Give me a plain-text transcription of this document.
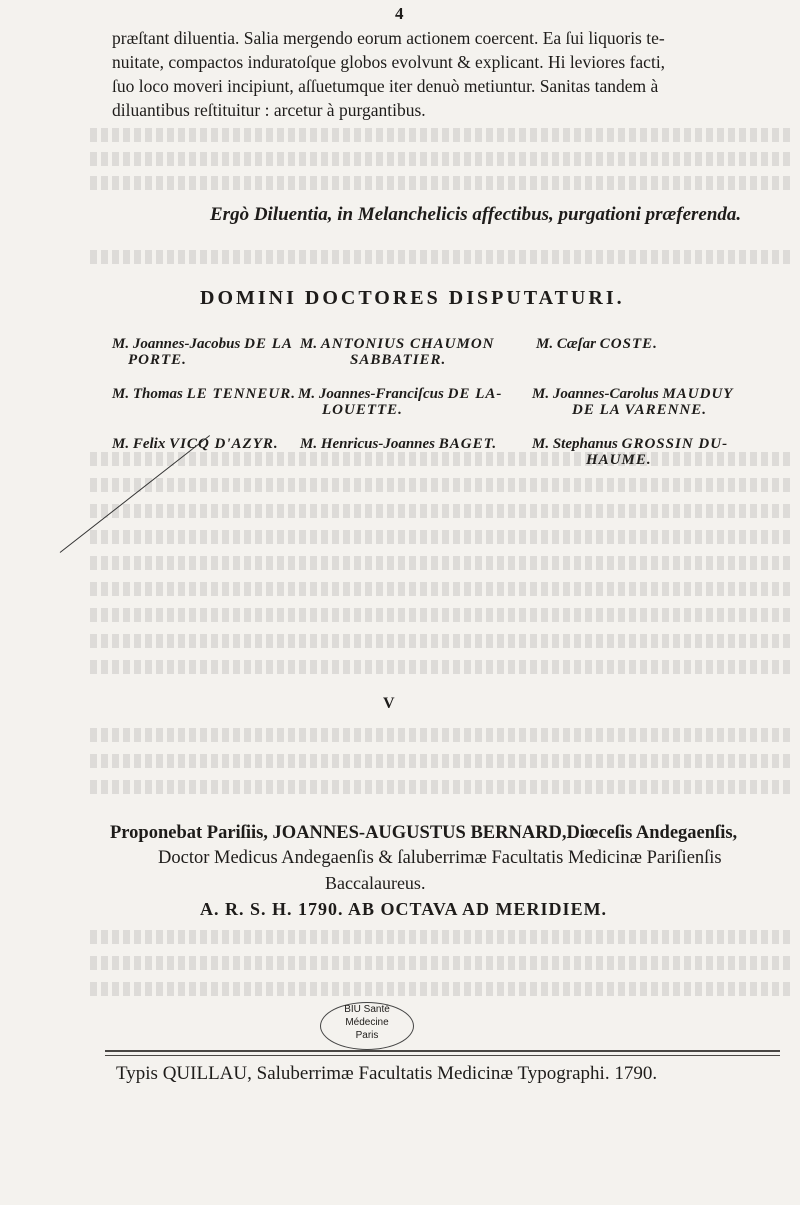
4
præſtant diluentia. Salia mergendo eorum actionem coercent. Ea ſui liquoris te-
nuitate, compactos induratoſque globos evolvunt & explicant. Hi leviores facti,
ſuo loco moveri incipiunt, aſſuetumque iter denuò metiuntur. Sanitas tandem à
diluantibus reſtituitur : arcetur à purgantibus.
Ergò Diluentia, in Melanchelicis affectibus, purgationi præferenda.
DOMINI DOCTORES DISPUTATURI.
M. Joannes-Jacobus DE LA
PORTE.
M. ANTONIUS CHAUMON
SABBATIER.
M. Cæſar COSTE.
M. Thomas LE TENNEUR. M. Joannes-Franciſcus DE LA-
LOUETTE.
M. Joannes-Carolus MAUDUY
DE LA VARENNE.
M. Felix VICQ D'AZYR. M. Henricus-Joannes BAGET. M. Stephanus GROSSIN DU-
HAUME.
V
Proponebat Pariſiis, JOANNES-AUGUSTUS BERNARD,Diœceſis Andegaenſis,
Doctor Medicus Andegaenſis & ſaluberrimæ Facultatis Medicinæ Pariſienſis
Baccalaureus.
A. R. S. H. 1790. AB OCTAVA AD MERIDIEM.
BIU Santé
Médecine
Paris
Typis QUILLAU, Saluberrimæ Facultatis Medicinæ Typographi. 1790.
